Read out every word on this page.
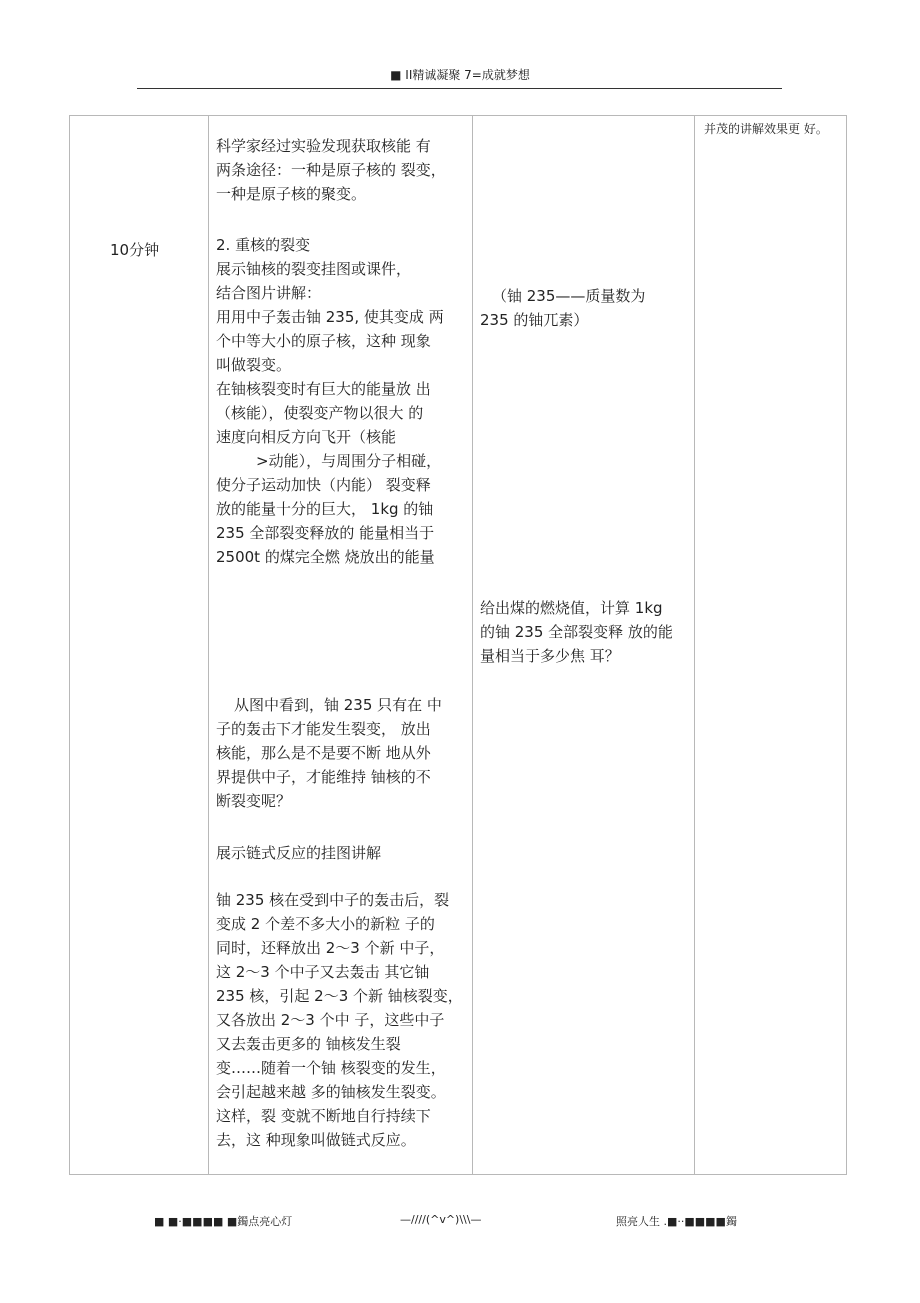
■ II精诚凝聚 7=成就梦想
10分钟

科学家经过实验发现获取核能 有

两条途径：一种是原子核的 裂变，

一种是原子核的聚变。

2. 重核的裂变

展示铀核的裂变挂图或课件，

结合图片讲解：

用用中子轰击铀 235, 使其变成 两

个中等大小的原子核，这种 现象

叫做裂变。

在铀核裂变时有巨大的能量放 出

（核能），使裂变产物以很大 的

速度向相反方向飞开（核能

>动能），与周围分子相碰，

使分子运动加快（内能） 裂变释

放的能量十分的巨大， 1kg 的铀

235 全部裂变释放的 能量相当于

2500t 的煤完全燃 烧放出的能量

从图中看到，铀 235 只有在 中

子的轰击下才能发生裂变， 放出

核能，那么是不是要不断 地从外

界提供中子，才能维持 铀核的不

断裂变呢？

展示链式反应的挂图讲解

铀 235 核在受到中子的轰击后，裂

变成 2 个差不多大小的新粒 子的

同时，还释放出 2～3 个新 中子，

这 2～3 个中子又去轰击 其它铀

235 核，引起 2～3 个新 铀核裂变，

又各放出 2～3 个中 子，这些中子

又去轰击更多的 铀核发生裂

变……随着一个铀 核裂变的发生，

会引起越来越 多的铀核发生裂变。

这样，裂 变就不断地自行持续下

去，这 种现象叫做链式反应。

（铀 235——质量数为

235 的铀兀素）

给出煤的燃烧值，计算 1kg

的铀 235 全部裂变释 放的能

量相当于多少焦 耳？

并茂的讲解效果更 好。
■ ■·■■■■ ■鐲点亮心灯	—////(^v^)\\\—	照亮人生 .■··■■■■鐲
